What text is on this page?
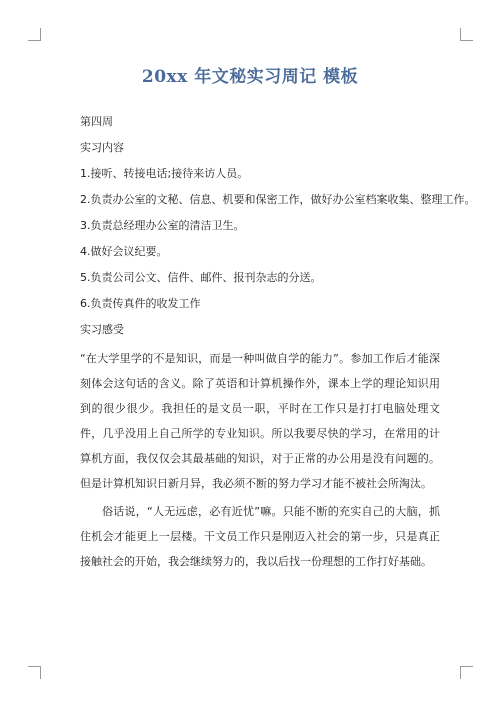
20xx 年文秘实习周记 模板

第四周

实习内容

1.接听、转接电话;接待来访人员。

2.负责办公室的文秘、信息、机要和保密工作，做好办公室档案收集、整理工作。

3.负责总经理办公室的清洁卫生。

4.做好会议纪要。

5.负责公司公文、信件、邮件、报刊杂志的分送。

6.负责传真件的收发工作

实习感受

“在大学里学的不是知识，而是一种叫做自学的能力”。参加工作后才能深刻体会这句话的含义。除了英语和计算机操作外，课本上学的理论知识用到的很少很少。我担任的是文员一职，平时在工作只是打打电脑处理文件，几乎没用上自己所学的专业知识。所以我要尽快的学习，在常用的计算机方面，我仅仅会其最基础的知识，对于正常的办公用是没有问题的。但是计算机知识日新月异，我必须不断的努力学习才能不被社会所淘汰。

俗话说，“人无远虑，必有近忧”嘛。只能不断的充实自己的大脑，抓住机会才能更上一层楼。干文员工作只是刚迈入社会的第一步，只是真正接触社会的开始，我会继续努力的，我以后找一份理想的工作打好基础。
